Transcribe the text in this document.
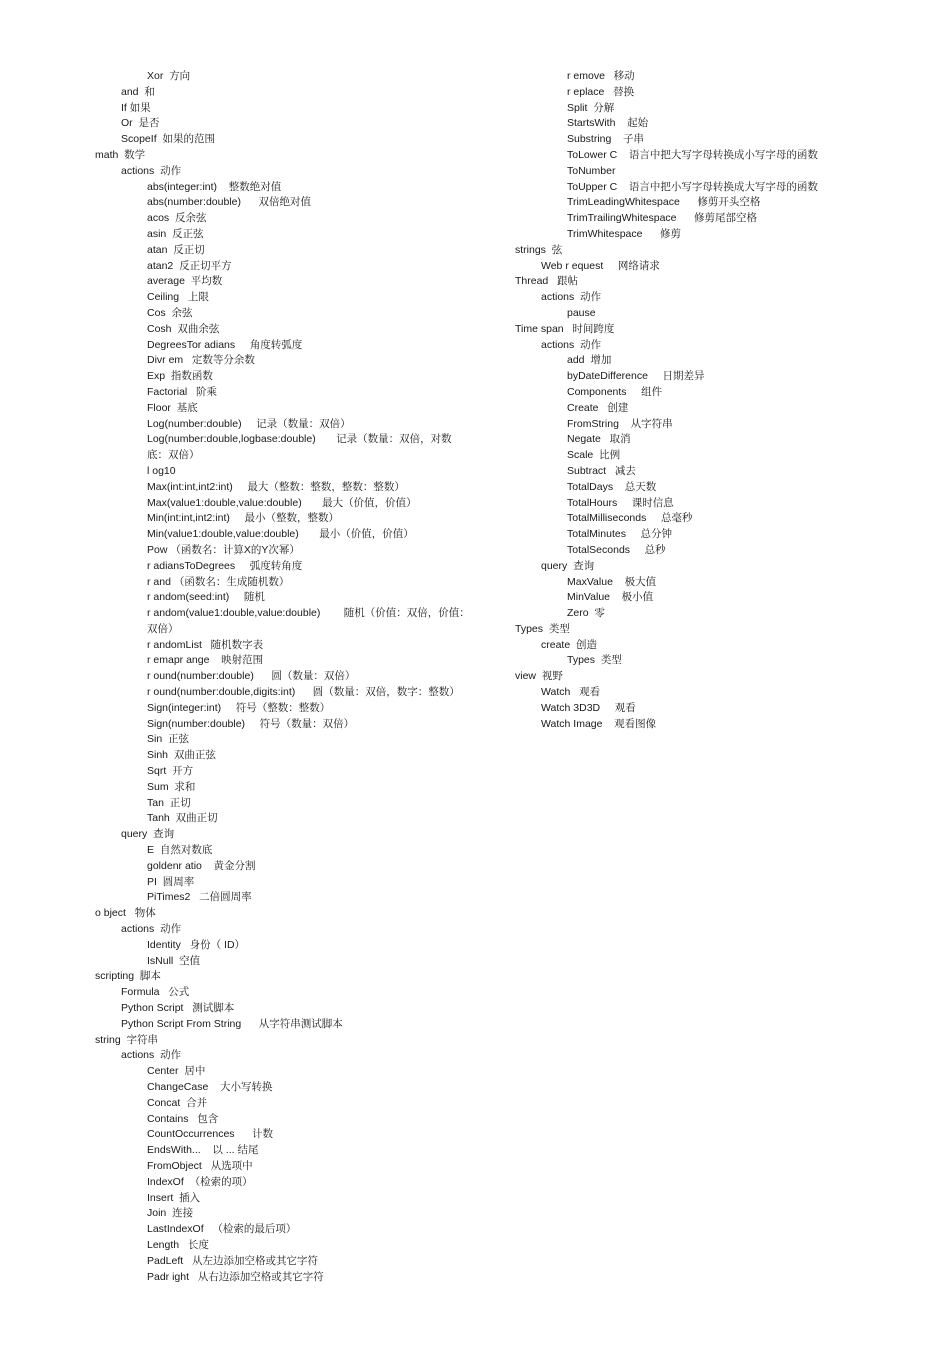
Xor  方向
and  和
If 如果
Or  是否
ScopeIf  如果的范围
math  数学
actions  动作
abs(integer:int)    整数绝对值
abs(number:double)      双倍绝对值
acos  反余弦
asin  反正弦
atan  反正切
atan2  反正切平方
average  平均数
Ceiling   上限
Cos  余弦
Cosh  双曲余弦
DegreesTor adians     角度转弧度
Divr em   定数等分余数
Exp  指数函数
Factorial   阶乘
Floor  基底
Log(number:double)     记录（数量：双倍）
Log(number:double,logbase:double)       记录（数量：双倍，对数
底：双倍）
l og10
Max(int:int,int2:int)     最大（整数：整数，整数：整数）
Max(value1:double,value:double)       最大（价值，价值）
Min(int:int,int2:int)     最小（整数，整数）
Min(value1:double,value:double)       最小（价值，价值）
Pow （函数名：计算X的Y次幂）
r adiansToDegrees     弧度转角度
r and （函数名：生成随机数）
r andom(seed:int)     随机
r andom(value1:double,value:double)        随机（价值：双倍，价值：
双倍）
r andomList   随机数字表
r emapr ange    映射范围
r ound(number:double)      圆（数量：双倍）
r ound(number:double,digits:int)      圆（数量：双倍，数字：整数）
Sign(integer:int)     符号（整数：整数）
Sign(number:double)     符号（数量：双倍）
Sin  正弦
Sinh  双曲正弦
Sqrt  开方
Sum  求和
Tan  正切
Tanh  双曲正切
query  查询
E  自然对数底
goldenr atio    黄金分割
PI  圆周率
PiTimes2   二倍圆周率
o bject   物体
actions  动作
Identity   身份（ ID）
IsNull  空值
scripting  脚本
Formula   公式
Python Script   测试脚本
Python Script From String      从字符串测试脚本
string  字符串
actions  动作
Center  居中
ChangeCase    大小写转换
Concat  合并
Contains   包含
CountOccurrences      计数
EndsWith...    以 ... 结尾
FromObject   从选项中
IndexOf  （检索的项）
Insert  插入
Join  连接
LastIndexOf   （检索的最后项）
Length   长度
PadLeft   从左边添加空格或其它字符
Padr ight   从右边添加空格或其它字符
r emove   移动
r eplace   替换
Split  分解
StartsWith    起始
Substring    子串
ToLower C    语言中把大写字母转换成小写字母的函数
ToNumber
ToUpper C    语言中把小写字母转换成大写字母的函数
TrimLeadingWhitespace      修剪开头空格
TrimTrailingWhitespace      修剪尾部空格
TrimWhitespace      修剪
strings  弦
Web r equest     网络请求
Thread   跟帖
actions  动作
pause
Time span   时间跨度
actions  动作
add  增加
byDateDifference     日期差异
Components     组件
Create   创建
FromString    从字符串
Negate   取消
Scale  比例
Subtract   减去
TotalDays    总天数
TotalHours     课时信息
TotalMilliseconds     总毫秒
TotalMinutes     总分钟
TotalSeconds     总秒
query  查询
MaxValue    极大值
MinValue    极小值
Zero  零
Types  类型
create  创造
Types  类型
view  视野
Watch   观看
Watch 3D3D     观看
Watch Image    观看图像
